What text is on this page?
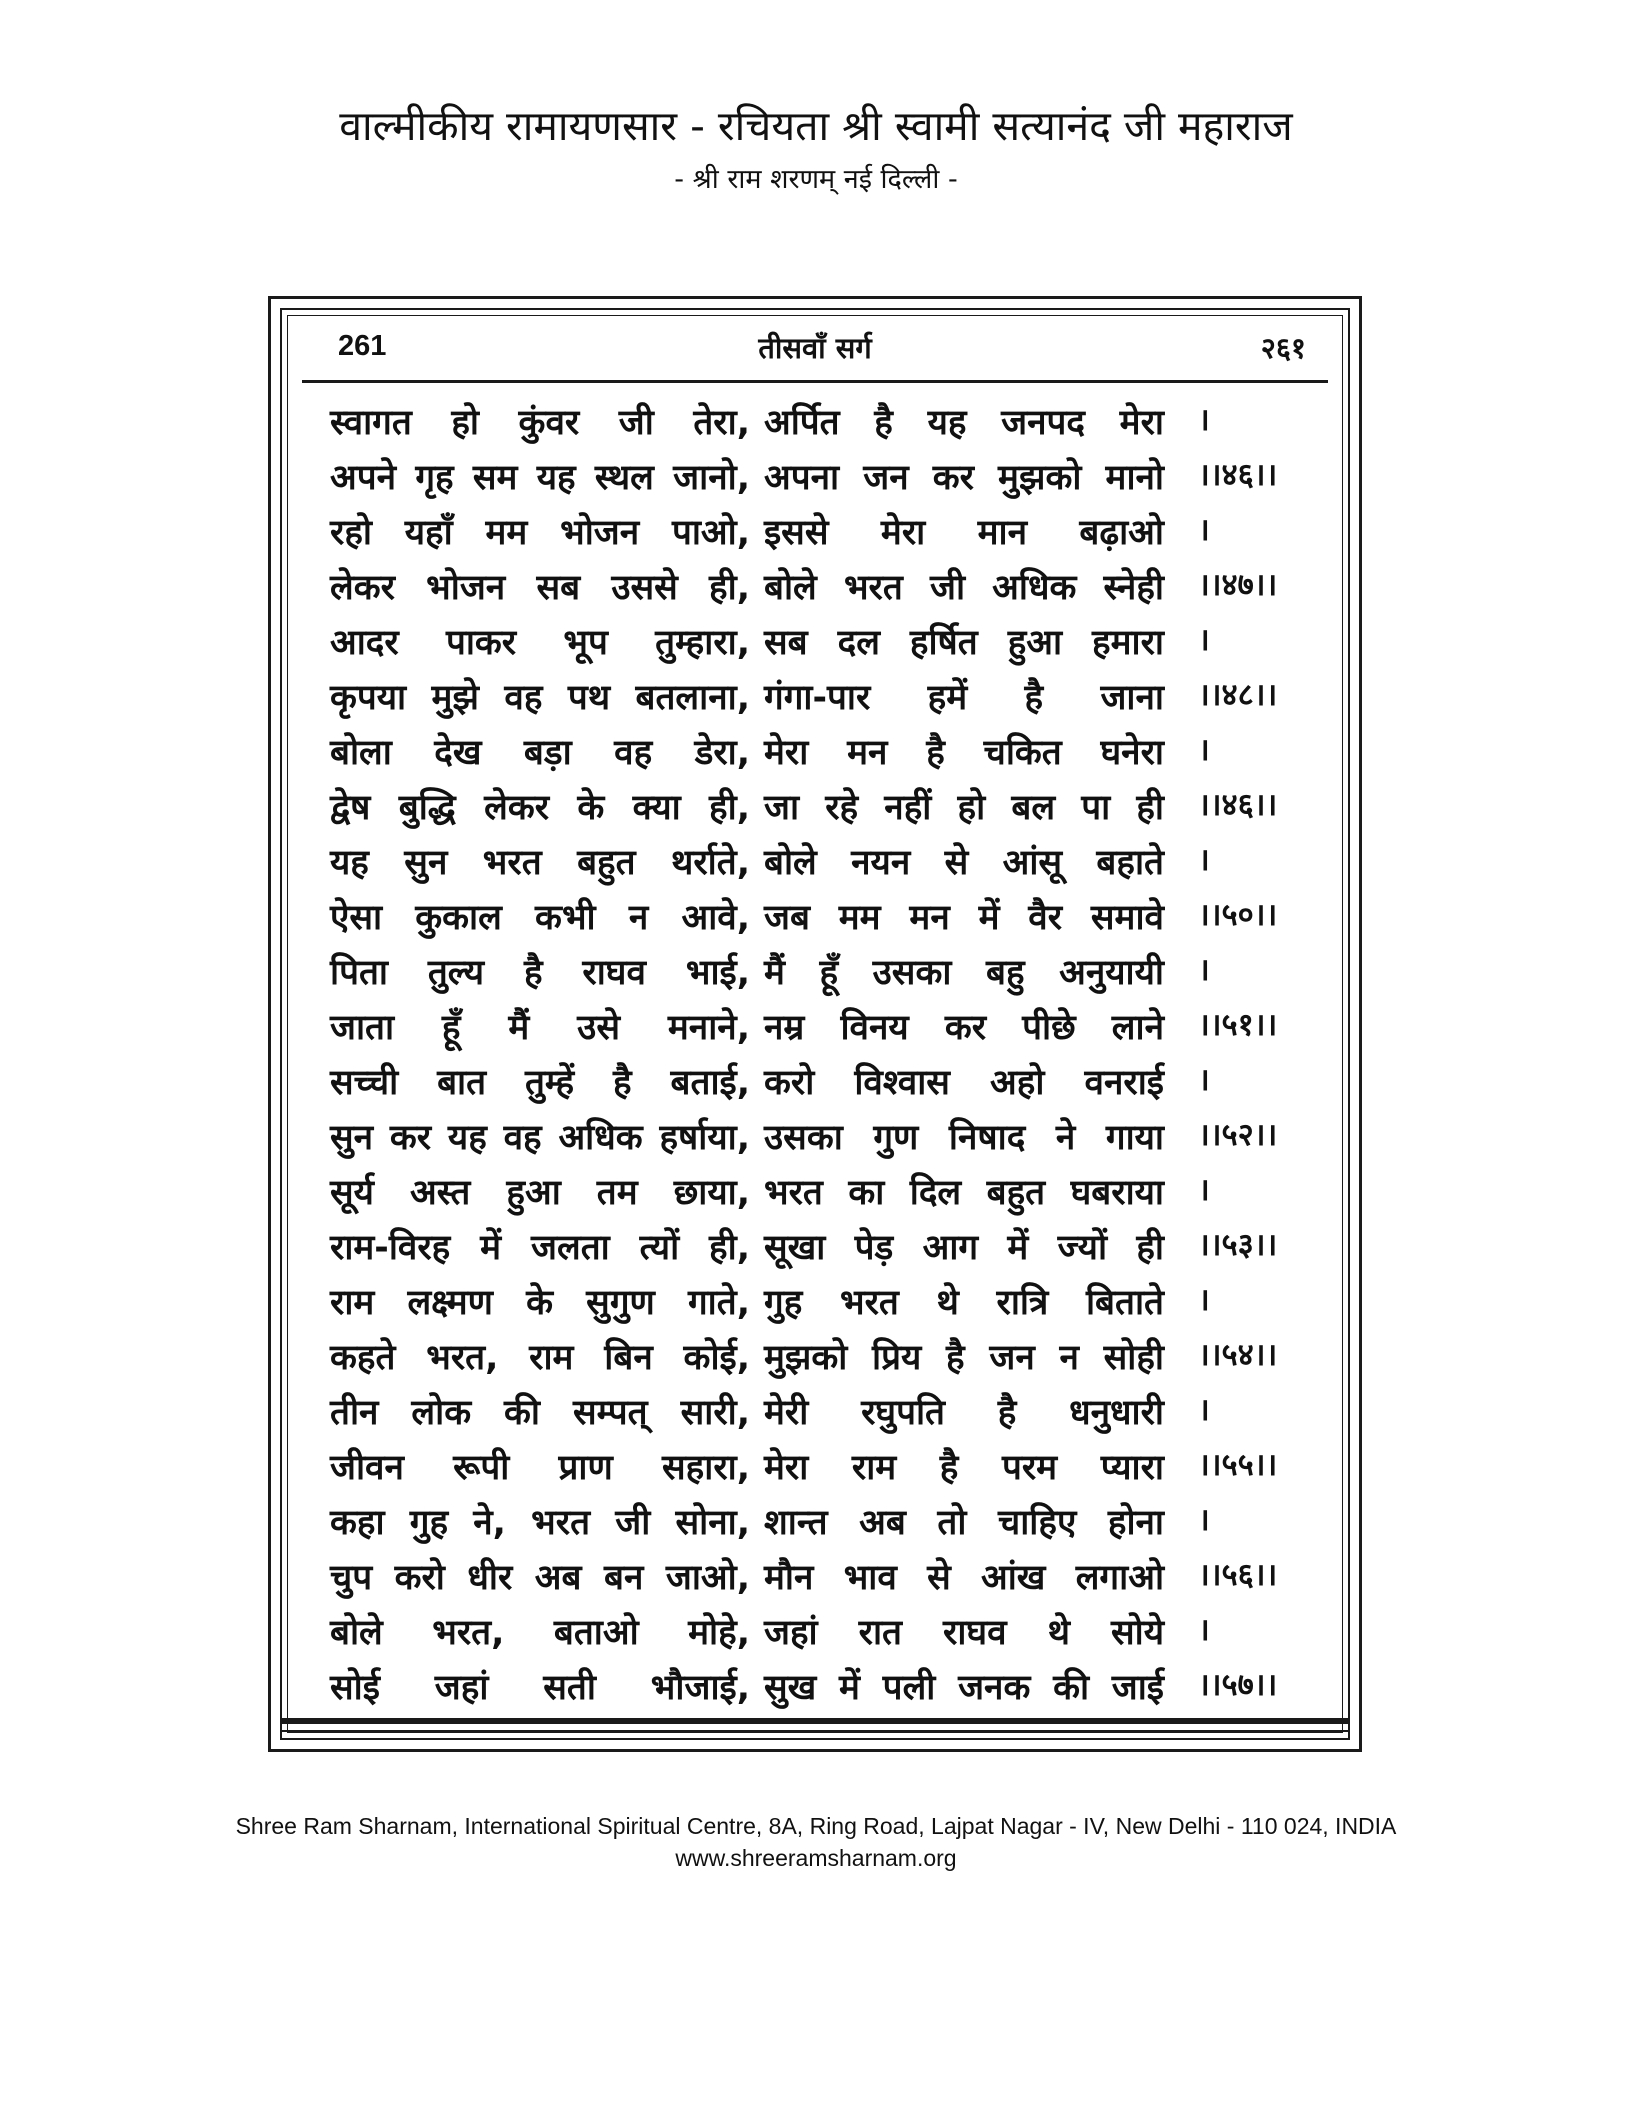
वाल्मीकीय रामायणसार - रचियता श्री स्वामी सत्यानंद जी महाराज
- श्री राम शरणम् नई दिल्ली -
261	तीसवाँ सर्ग	२६१
स्वागत हो कुंवर जी तेरा, अर्पित है यह जनपद मेरा ।
अपने गृह सम यह स्थल जानो, अपना जन कर मुझको मानो ।।४६।।
रहो यहाँ मम भोजन पाओ, इससे मेरा मान बढ़ाओ ।
लेकर भोजन सब उससे ही, बोले भरत जी अधिक स्नेही ।।४७।।
आदर पाकर भूप तुम्हारा, सब दल हर्षित हुआ हमारा ।
कृपया मुझे वह पथ बतलाना, गंगा-पार हमें है जाना ।।४८।।
बोला देख बड़ा वह डेरा, मेरा मन है चकित घनेरा ।
द्वेष बुद्धि लेकर के क्या ही, जा रहे नहीं हो बल पा ही ।।४६।।
यह सुन भरत बहुत थर्राते, बोले नयन से आंसू बहाते ।
ऐसा कुकाल कभी न आवे, जब मम मन में वैर समावे ।।५०।।
पिता तुल्य है राघव भाई, मैं हूँ उसका बहु अनुयायी ।
जाता हूँ मैं उसे मनाने, नम्र विनय कर पीछे लाने ।।५१।।
सच्ची बात तुम्हें है बताई, करो विश्वास अहो वनराई ।
सुन कर यह वह अधिक हर्षाया, उसका गुण निषाद ने गाया ।।५२।।
सूर्य अस्त हुआ तम छाया, भरत का दिल बहुत घबराया ।
राम-विरह में जलता त्यों ही, सूखा पेड़ आग में ज्यों ही ।।५३।।
राम लक्ष्मण के सुगुण गाते, गुह भरत थे रात्रि बिताते ।
कहते भरत, राम बिन कोई, मुझको प्रिय है जन न सोही ।।५४।।
तीन लोक की सम्पत् सारी, मेरी रघुपति है धनुधारी ।
जीवन रूपी प्राण सहारा, मेरा राम है परम प्यारा ।।५५।।
कहा गुह ने, भरत जी सोना, शान्त अब तो चाहिए होना ।
चुप करो धीर अब बन जाओ, मौन भाव से आंख लगाओ ।।५६।।
बोले भरत, बताओ मोहे, जहां रात राघव थे सोये ।
सोई जहां सती भौजाई, सुख में पली जनक की जाई ।।५७।।
Shree Ram Sharnam, International Spiritual Centre, 8A, Ring Road, Lajpat Nagar - IV, New Delhi - 110 024, INDIA
www.shreeramsharnam.org
